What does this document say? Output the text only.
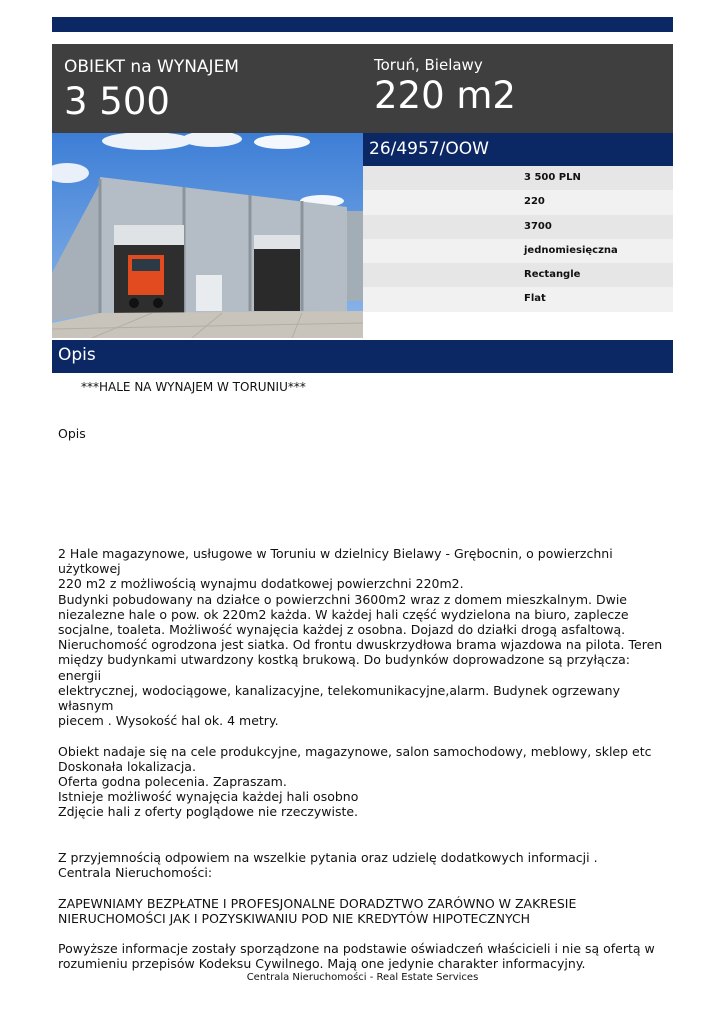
OBIEKT na WYNAJEM
3 500
Toruń, Bielawy
220 m2
26/4957/OOW
3 500 PLN
220
3700
jednomiesięczna
Rectangle
Flat
Opis
***HALE NA WYNAJEM W TORUNIU***
Opis

2 Hale magazynowe, usługowe w Toruniu w dzielnicy Bielawy - Grębocnin, o powierzchni użytkowej

220 m2 z możliwością wynajmu dodatkowej powierzchni 220m2.

Budynki pobudowany na działce o powierzchni 3600m2 wraz z domem mieszkalnym. Dwie

niezalezne hale o pow. ok 220m2 każda. W każdej hali część wydzielona na biuro, zaplecze

socjalne, toaleta. Możliwość wynajęcia każdej z osobna. Dojazd do działki drogą asfaltową.

Nieruchomość ogrodzona jest siatka. Od frontu dwuskrzydłowa brama wjazdowa na pilota. Teren

między budynkami utwardzony kostką brukową. Do budynków doprowadzone są przyłącza: energii

elektrycznej, wodociągowe, kanalizacyjne, telekomunikacyjne,alarm. Budynek ogrzewany własnym

piecem . Wysokość hal ok. 4 metry.

Obiekt nadaje się na cele produkcyjne, magazynowe, salon samochodowy, meblowy, sklep etc

Doskonała lokalizacja.

Oferta godna polecenia. Zapraszam.

Istnieje możliwość wynajęcia każdej hali osobno

Zdjęcie hali z oferty poglądowe nie rzeczywiste.

Z przyjemnością odpowiem na wszelkie pytania oraz udzielę dodatkowych informacji .

Centrala Nieruchomości:

ZAPEWNIAMY BEZPŁATNE I PROFESJONALNE DORADZTWO ZARÓWNO W ZAKRESIE

NIERUCHOMOŚCI JAK I POZYSKIWANIU POD NIE KREDYTÓW HIPOTECZNYCH

Powyższe informacje zostały sporządzone na podstawie oświadczeń właścicieli i nie są ofertą w

rozumieniu przepisów Kodeksu Cywilnego. Mają one jedynie charakter informacyjny.

Centrala Nieruchomości - Real Estate Services
